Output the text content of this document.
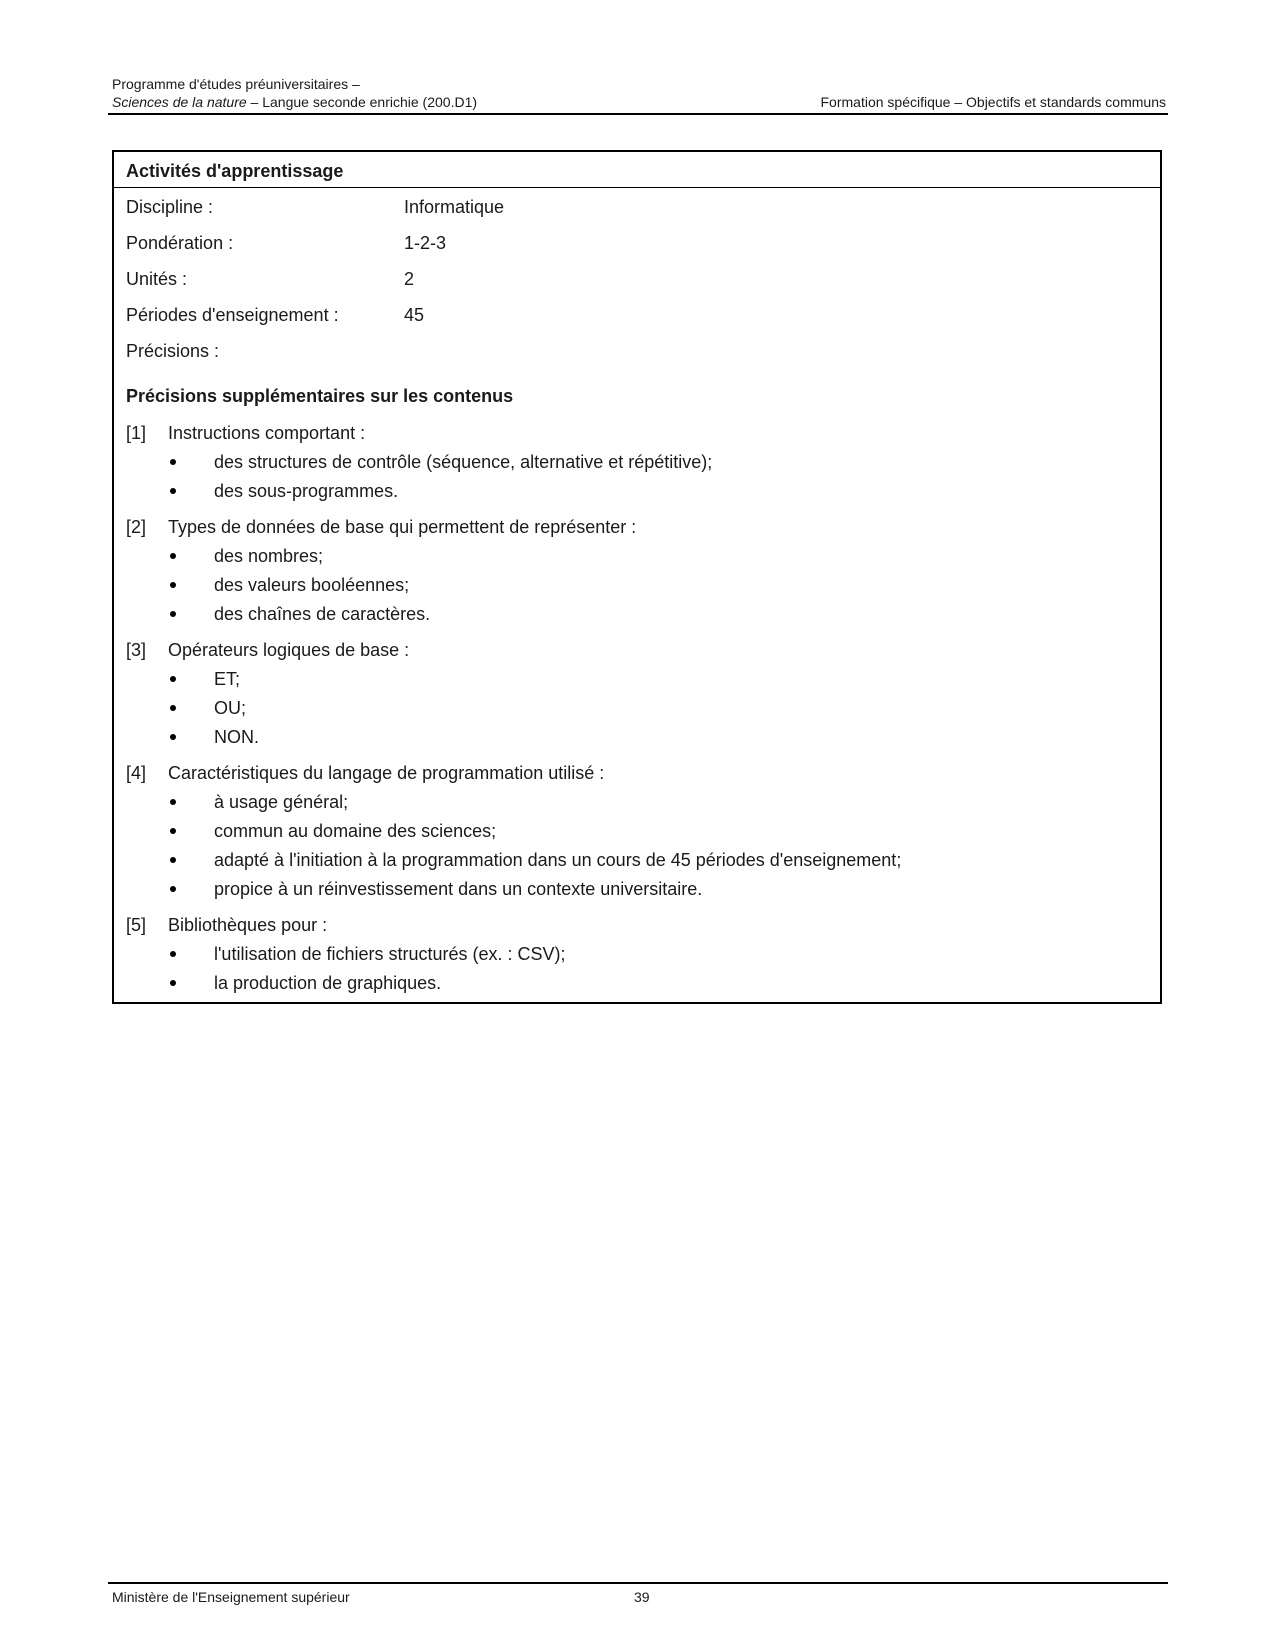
Programme d'études préuniversitaires –
Sciences de la nature – Langue seconde enrichie (200.D1)	Formation spécifique – Objectifs et standards communs
Activités d'apprentissage
Discipline :	Informatique
Pondération :	1-2-3
Unités :	2
Périodes d'enseignement :	45
Précisions :
Précisions supplémentaires sur les contenus
[1] Instructions comportant :
des structures de contrôle (séquence, alternative et répétitive);
des sous-programmes.
[2] Types de données de base qui permettent de représenter :
des nombres;
des valeurs booléennes;
des chaînes de caractères.
[3] Opérateurs logiques de base :
ET;
OU;
NON.
[4] Caractéristiques du langage de programmation utilisé :
à usage général;
commun au domaine des sciences;
adapté à l'initiation à la programmation dans un cours de 45 périodes d'enseignement;
propice à un réinvestissement dans un contexte universitaire.
[5] Bibliothèques pour :
l'utilisation de fichiers structurés (ex. : CSV);
la production de graphiques.
Ministère de l'Enseignement supérieur	39
